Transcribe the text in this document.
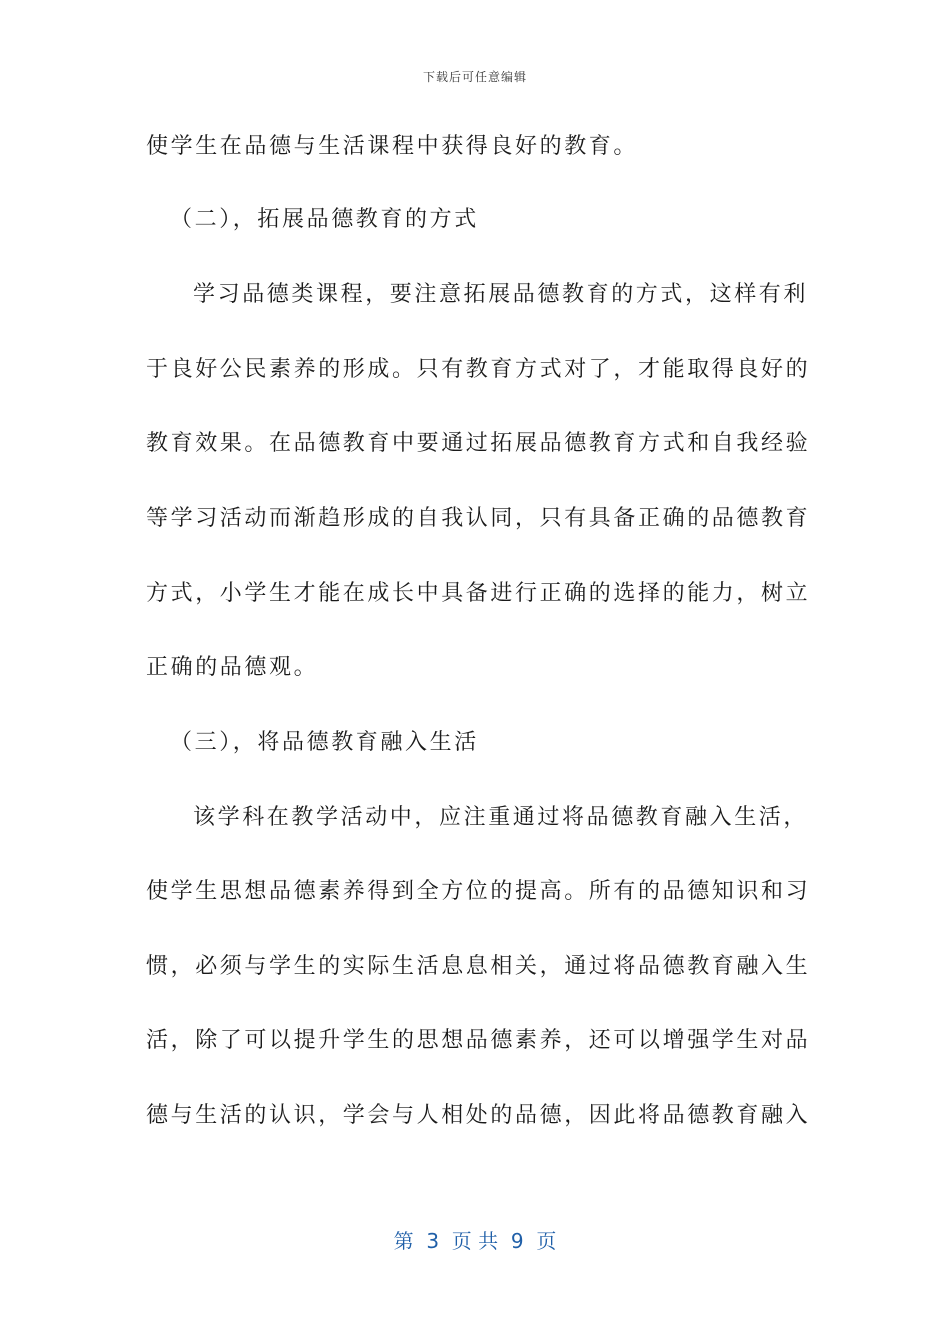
下载后可任意编辑
使学生在品德与生活课程中获得良好的教育。
（二），拓展品德教育的方式
学习品德类课程，要注意拓展品德教育的方式，这样有利
于良好公民素养的形成。只有教育方式对了，才能取得良好的
教育效果。在品德教育中要通过拓展品德教育方式和自我经验
等学习活动而渐趋形成的自我认同，只有具备正确的品德教育
方式，小学生才能在成长中具备进行正确的选择的能力，树立
正确的品德观。
（三），将品德教育融入生活
该学科在教学活动中，应注重通过将品德教育融入生活，
使学生思想品德素养得到全方位的提高。所有的品德知识和习
惯，必须与学生的实际生活息息相关，通过将品德教育融入生
活，除了可以提升学生的思想品德素养，还可以增强学生对品
德与生活的认识，学会与人相处的品德，因此将品德教育融入
第  3  页 共  9  页
